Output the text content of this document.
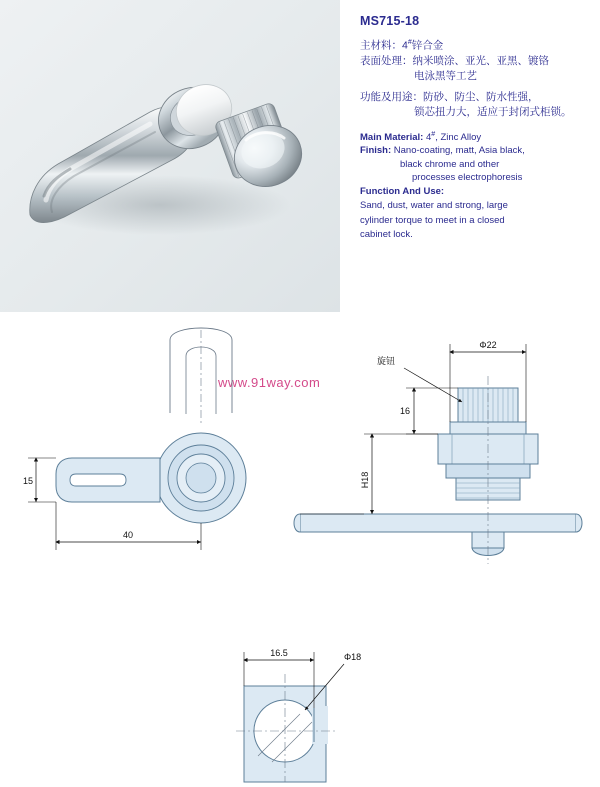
MS715-18
主材料：4#锌合金
表面处理：纳米喷涂、亚光、亚黑、镀铬
电泳黑等工艺
功能及用途：防砂、防尘、防水性强，
锁芯扭力大，适应于封闭式柜锁。
Main Material: 4#, Zinc Alloy
Finish: Nano-coating, matt, Asia black,
black chrome and other
processes electrophoresis
Function And Use:
Sand, dust, water and strong, large
cylinder torque to meet in a closed
cabinet lock.
www.91way.com
15
40
Φ22
16
H18
旋钮
16.5	Φ18
